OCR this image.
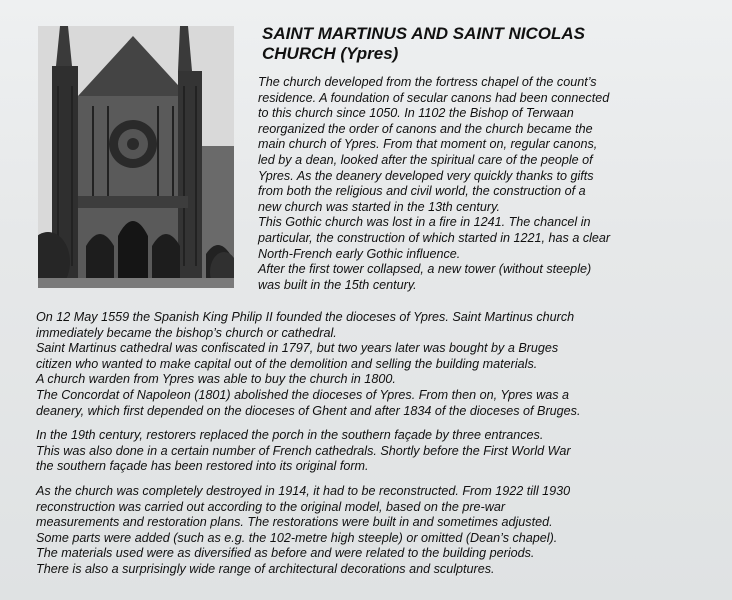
SAINT MARTINUS AND SAINT NICOLAS
CHURCH (Ypres)
The church developed from the fortress chapel of the count’s
residence. A foundation of secular canons had been connected
to this church since 1050. In 1102 the Bishop of Terwaan
reorganized the order of canons and the church became the
main church of Ypres. From that moment on, regular canons,
led by a dean, looked after the spiritual care of the people of
Ypres. As the deanery developed very quickly thanks to gifts
from both the religious and civil world, the construction of a
new church was started in the 13th century.
This Gothic church was lost in a fire in 1241. The chancel in
particular, the construction of which started in 1221, has a clear
North-French early Gothic influence.
After the first tower collapsed, a new tower (without steeple)
was built in the 15th century.
On 12 May 1559 the Spanish King Philip II founded the dioceses of Ypres. Saint Martinus church
immediately became the bishop’s church or cathedral.
Saint Martinus cathedral was confiscated in 1797, but two years later was bought by a Bruges
citizen who wanted to make capital out of the demolition and selling the building materials.
A church warden from Ypres was able to buy the church in 1800.
The Concordat of Napoleon (1801) abolished the dioceses of Ypres. From then on, Ypres was a
deanery, which first depended on the dioceses of Ghent and after 1834 of the dioceses of Bruges.
In the 19th century, restorers replaced the porch in the southern façade by three entrances.
This was also done in a certain number of French cathedrals. Shortly before the First World War
the southern façade has been restored into its original form.
As the church was completely destroyed in 1914, it had to be reconstructed. From 1922 till 1930
reconstruction was carried out according to the original model, based on the pre-war
measurements and restoration plans. The restorations were built in and sometimes adjusted.
Some parts were added (such as e.g. the 102-metre high steeple) or omitted (Dean’s chapel).
The materials used were as diversified as before and were related to the building periods.
There is also a surprisingly wide range of architectural decorations and sculptures.
